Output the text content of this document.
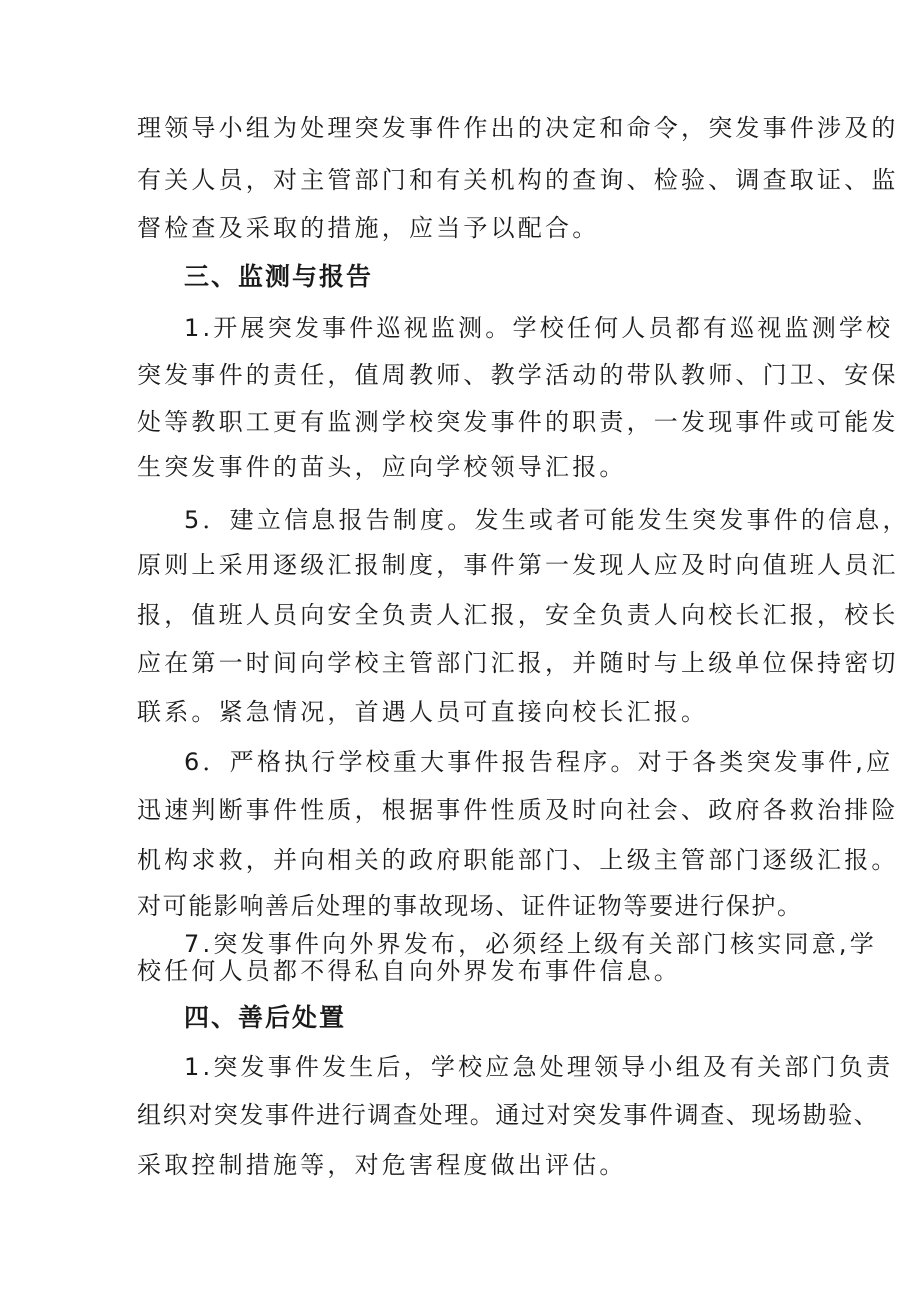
理领导小组为处理突发事件作出的决定和命令，突发事件涉及的
有关人员，对主管部门和有关机构的查询、检验、调查取证、监
督检查及采取的措施，应当予以配合。
三、监测与报告
1.开展突发事件巡视监测。学校任何人员都有巡视监测学校
突发事件的责任，值周教师、教学活动的带队教师、门卫、安保
处等教职工更有监测学校突发事件的职责，一发现事件或可能发
生突发事件的苗头，应向学校领导汇报。
5．建立信息报告制度。发生或者可能发生突发事件的信息，
原则上采用逐级汇报制度，事件第一发现人应及时向值班人员汇
报，值班人员向安全负责人汇报，安全负责人向校长汇报，校长
应在第一时间向学校主管部门汇报，并随时与上级单位保持密切
联系。紧急情况，首遇人员可直接向校长汇报。
6．严格执行学校重大事件报告程序。对于各类突发事件,应
迅速判断事件性质，根据事件性质及时向社会、政府各救治排险
机构求救，并向相关的政府职能部门、上级主管部门逐级汇报。
对可能影响善后处理的事故现场、证件证物等要进行保护。
7.突发事件向外界发布，必须经上级有关部门核实同意,学
校任何人员都不得私自向外界发布事件信息。
四、善后处置
1.突发事件发生后，学校应急处理领导小组及有关部门负责
组织对突发事件进行调查处理。通过对突发事件调查、现场勘验、
采取控制措施等，对危害程度做出评估。
